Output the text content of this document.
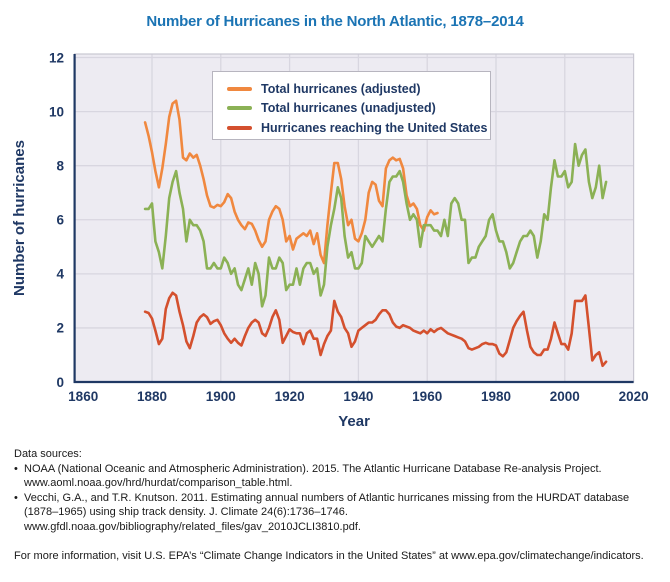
Number of Hurricanes in the North Atlantic, 1878–2014
0
2
4
6
8
10
12
1860	1880	1900	1920	1940	1960	1980	2000	2020
Year
Number of hurricanes
Total hurricanes (adjusted)
Total hurricanes (unadjusted)
Hurricanes reaching the United States
Data sources:
• NOAA (National Oceanic and Atmospheric Administration). 2015. The Atlantic Hurricane Database Re-analysis Project.
www.aoml.noaa.gov/hrd/hurdat/comparison_table.html.
• Vecchi, G.A., and T.R. Knutson. 2011. Estimating annual numbers of Atlantic hurricanes missing from the HURDAT database
(1878–1965) using ship track density. J. Climate 24(6):1736–1746.
www.gfdl.noaa.gov/bibliography/related_files/gav_2010JCLI3810.pdf.
For more information, visit U.S. EPA’s “Climate Change Indicators in the United States” at www.epa.gov/climatechange/indicators.
